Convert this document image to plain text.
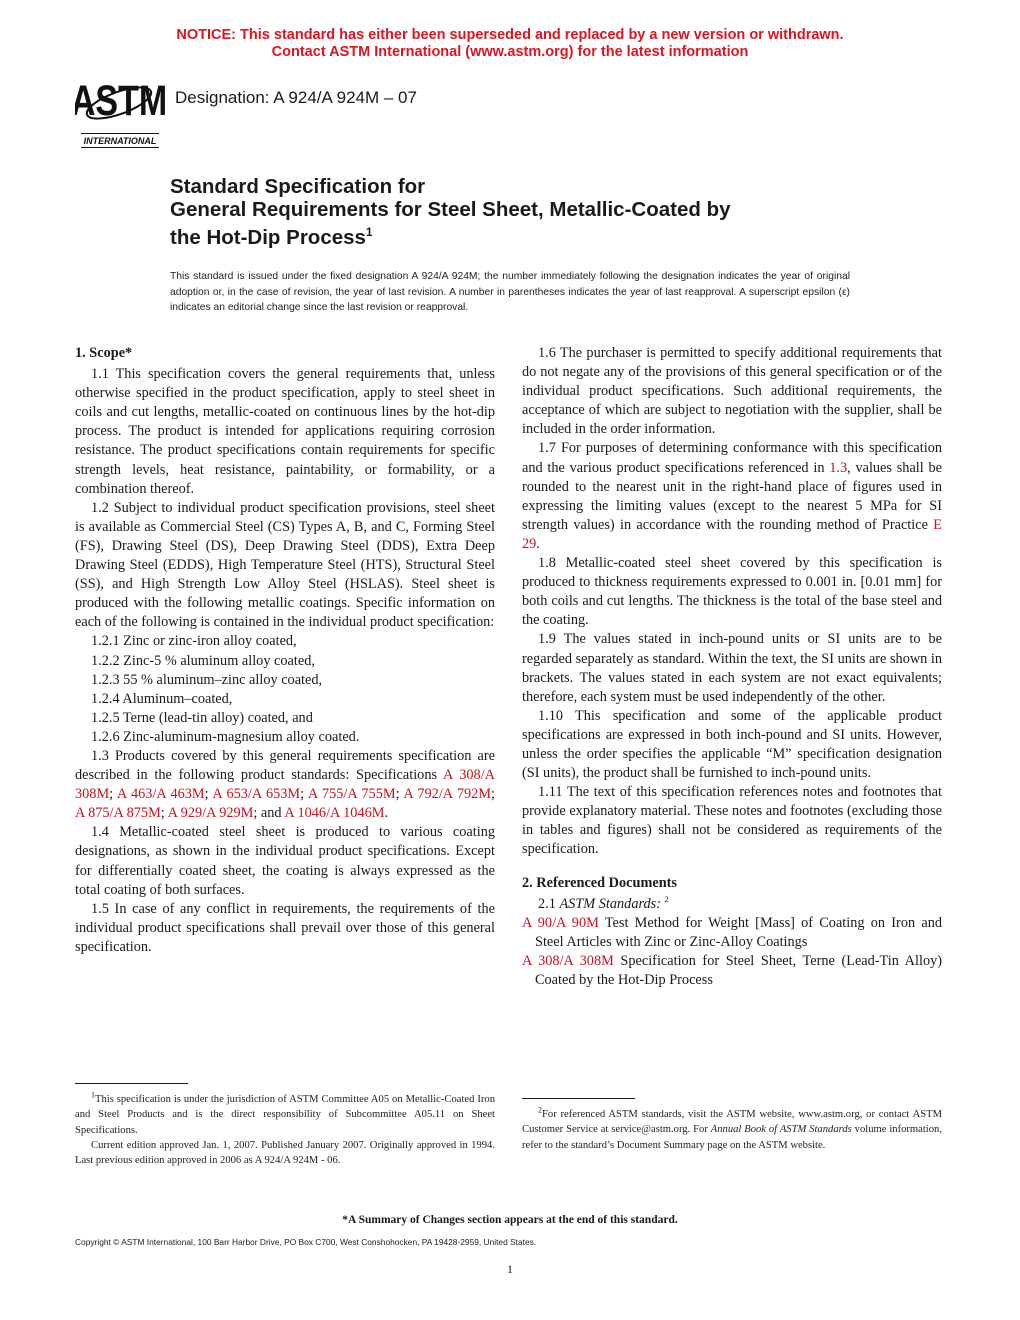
NOTICE: This standard has either been superseded and replaced by a new version or withdrawn.
Contact ASTM International (www.astm.org) for the latest information
ASTM
INTERNATIONAL
Designation: A 924/A 924M – 07
Standard Specification for
General Requirements for Steel Sheet, Metallic-Coated by
the Hot-Dip Process$^1$
This standard is issued under the fixed designation A 924/A 924M; the number immediately following the designation indicates the year of original adoption or, in the case of revision, the year of last revision. A number in parentheses indicates the year of last reapproval. A superscript epsilon (ε) indicates an editorial change since the last revision or reapproval.
1. Scope*

1.1 This specification covers the general requirements that, unless otherwise specified in the product specification, apply to steel sheet in coils and cut lengths, metallic-coated on continuous lines by the hot-dip process. The product is intended for applications requiring corrosion resistance. The product specifications contain requirements for specific strength levels, heat resistance, paintability, or formability, or a combination thereof.

1.2 Subject to individual product specification provisions, steel sheet is available as Commercial Steel (CS) Types A, B, and C, Forming Steel (FS), Drawing Steel (DS), Deep Drawing Steel (DDS), Extra Deep Drawing Steel (EDDS), High Temperature Steel (HTS), Structural Steel (SS), and High Strength Low Alloy Steel (HSLAS). Steel sheet is produced with the following metallic coatings. Specific information on each of the following is contained in the individual product specification:

1.2.1 Zinc or zinc-iron alloy coated,

1.2.2 Zinc-5 % aluminum alloy coated,

1.2.3 55 % aluminum–zinc alloy coated,

1.2.4 Aluminum–coated,

1.2.5 Terne (lead-tin alloy) coated, and

1.2.6 Zinc-aluminum-magnesium alloy coated.

1.3 Products covered by this general requirements specification are described in the following product standards: Specifications A 308/A 308M; A 463/A 463M; A 653/A 653M; A 755/A 755M; A 792/A 792M; A 875/A 875M; A 929/A 929M; and A 1046/A 1046M.

1.4 Metallic-coated steel sheet is produced to various coating designations, as shown in the individual product specifications. Except for differentially coated sheet, the coating is always expressed as the total coating of both surfaces.

1.5 In case of any conflict in requirements, the requirements of the individual product specifications shall prevail over those of this general specification.

1.6 The purchaser is permitted to specify additional requirements that do not negate any of the provisions of this general specification or of the individual product specifications. Such additional requirements, the acceptance of which are subject to negotiation with the supplier, shall be included in the order information.

1.7 For purposes of determining conformance with this specification and the various product specifications referenced in 1.3, values shall be rounded to the nearest unit in the right-hand place of figures used in expressing the limiting values (except to the nearest 5 MPa for SI strength values) in accordance with the rounding method of Practice E 29.

1.8 Metallic-coated steel sheet covered by this specification is produced to thickness requirements expressed to 0.001 in. [0.01 mm] for both coils and cut lengths. The thickness is the total of the base steel and the coating.

1.9 The values stated in inch-pound units or SI units are to be regarded separately as standard. Within the text, the SI units are shown in brackets. The values stated in each system are not exact equivalents; therefore, each system must be used independently of the other.

1.10 This specification and some of the applicable product specifications are expressed in both inch-pound and SI units. However, unless the order specifies the applicable “M” specification designation (SI units), the product shall be furnished to inch-pound units.

1.11 The text of this specification references notes and footnotes that provide explanatory material. These notes and footnotes (excluding those in tables and figures) shall not be considered as requirements of the specification.

2. Referenced Documents

2.1 ASTM Standards: $^2$

A 90/A 90M Test Method for Weight [Mass] of Coating on Iron and Steel Articles with Zinc or Zinc-Alloy Coatings

A 308/A 308M Specification for Steel Sheet, Terne (Lead-Tin Alloy) Coated by the Hot-Dip Process

$^1$This specification is under the jurisdiction of ASTM Committee A05 on Metallic-Coated Iron and Steel Products and is the direct responsibility of Subcommittee A05.11 on Sheet Specifications.

Current edition approved Jan. 1, 2007. Published January 2007. Originally approved in 1994. Last previous edition approved in 2006 as A 924/A 924M - 06.

$^2$For referenced ASTM standards, visit the ASTM website, www.astm.org, or contact ASTM Customer Service at service@astm.org. For Annual Book of ASTM Standards volume information, refer to the standard’s Document Summary page on the ASTM website.

*A Summary of Changes section appears at the end of this standard.
Copyright © ASTM International, 100 Barr Harbor Drive, PO Box C700, West Conshohocken, PA 19428-2959, United States.
1
